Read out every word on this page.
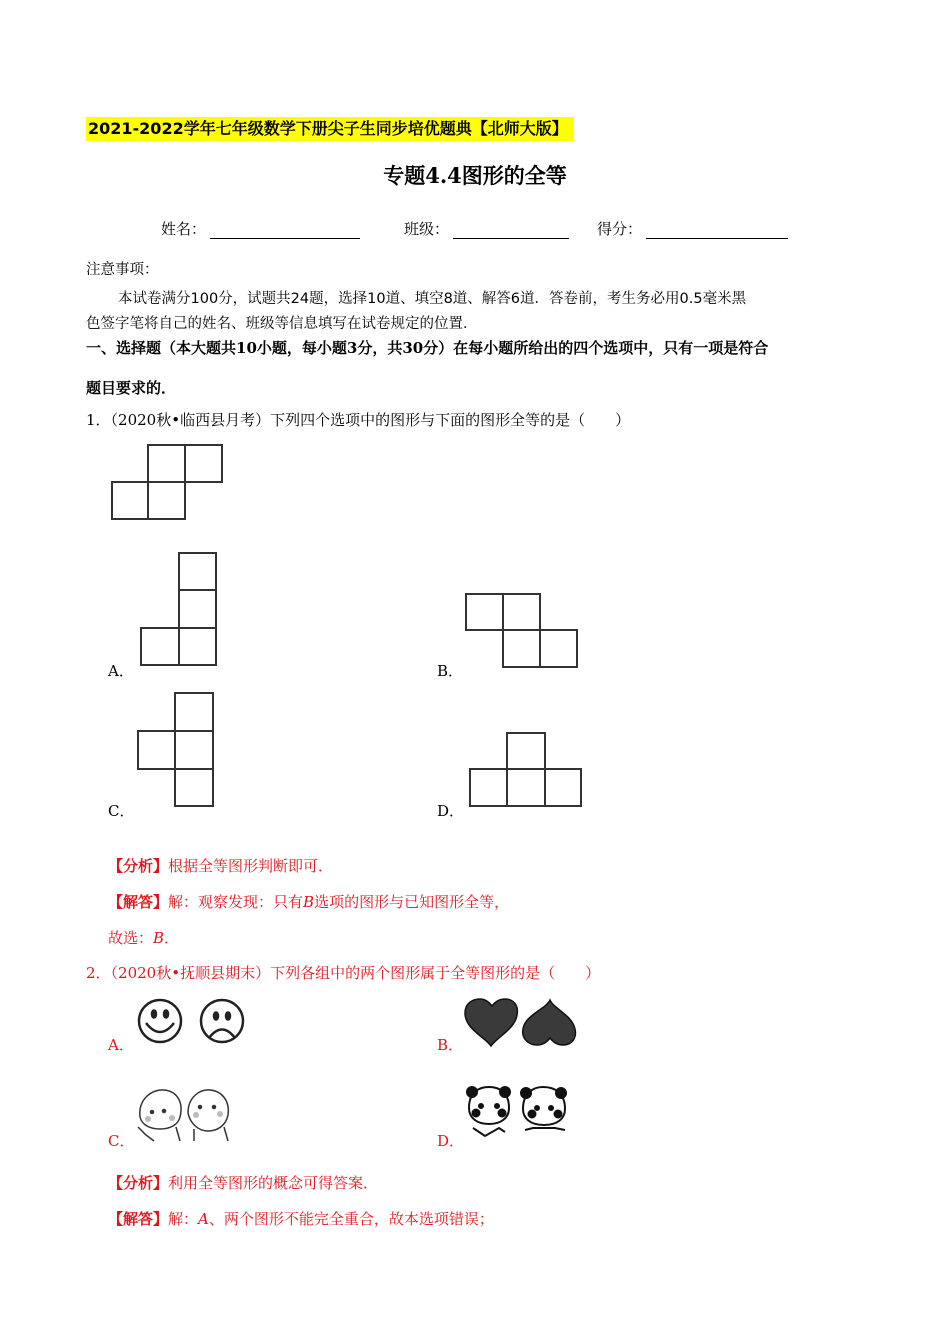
2021-2022学年七年级数学下册尖子生同步培优题典【北师大版】
专题4.4图形的全等
姓名：	班级：	得分：
注意事项：
本试卷满分100分，试题共24题，选择10道、填空8道、解答6道．答卷前，考生务必用0.5毫米黑
色签字笔将自己的姓名、班级等信息填写在试卷规定的位置．
一、选择题（本大题共10小题，每小题3分，共30分）在每小题所给出的四个选项中，只有一项是符合
题目要求的．
1．（2020秋•临西县月考）下列四个选项中的图形与下面的图形全等的是（　　）
A．	B．
C．	D．
【分析】根据全等图形判断即可．
【解答】解：观察发现：只有B选项的图形与已知图形全等，
故选：B．
2．（2020秋•抚顺县期末）下列各组中的两个图形属于全等图形的是（　　）
A．	B．
C．	D．
【分析】利用全等图形的概念可得答案．
【解答】解：A、两个图形不能完全重合，故本选项错误；
